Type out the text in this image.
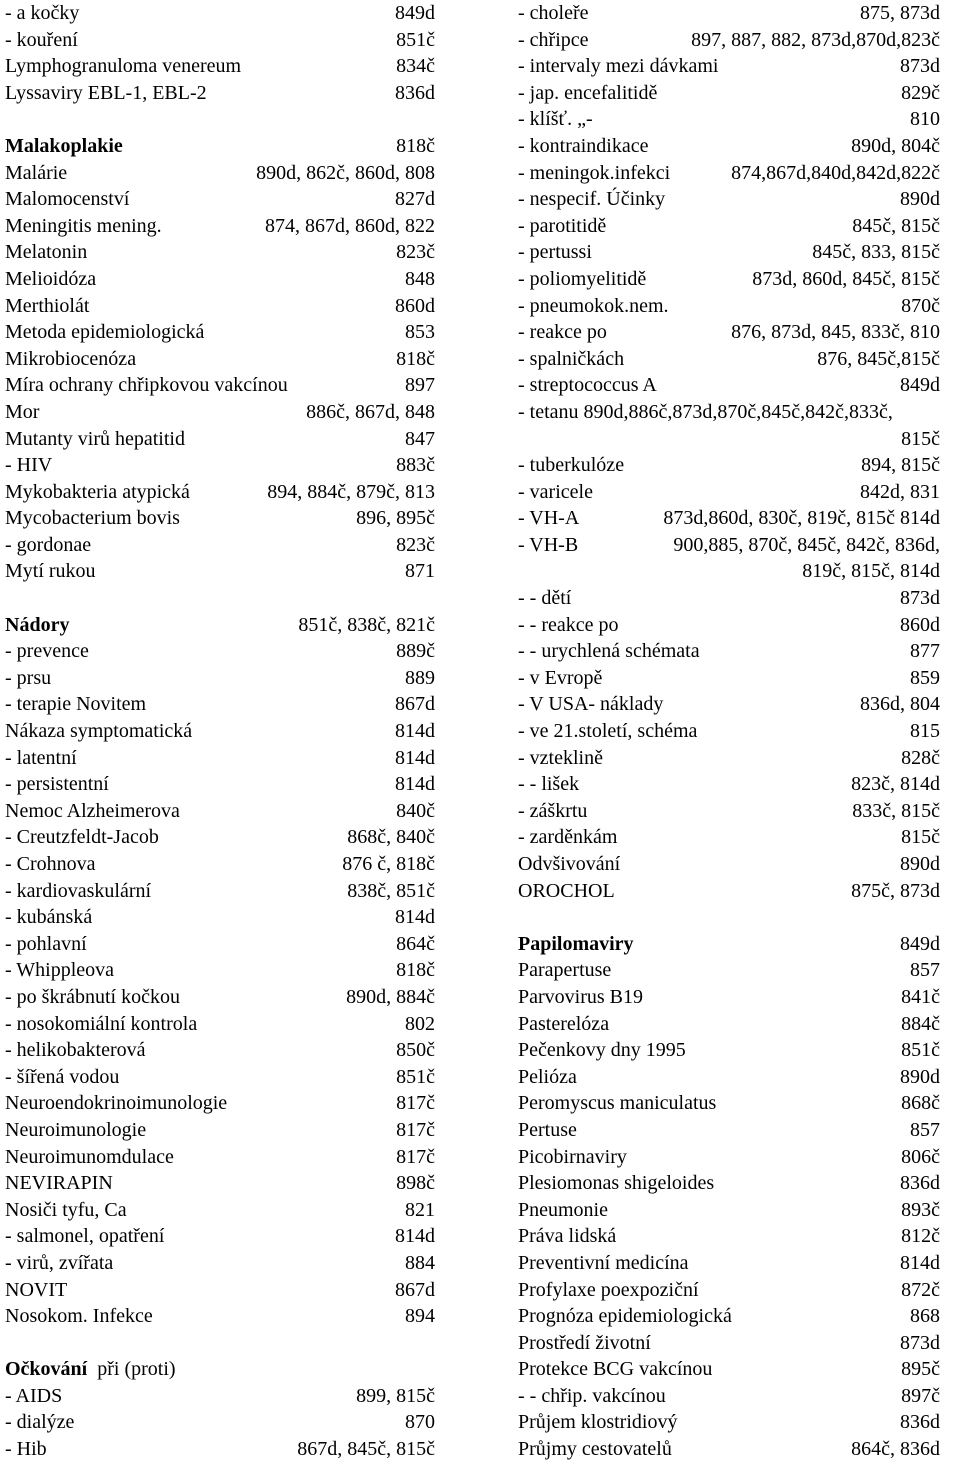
- a kočky	849d
- kouření	851č
Lymphogranuloma venereum	834č
Lyssaviry EBL-1, EBL-2	836d
Malakoplakie	818č
Malárie	890d, 862č, 860d, 808
Malomocenství	827d
Meningitis mening.	874, 867d, 860d, 822
Melatonin	823č
Melioidóza	848
Merthiolát	860d
Metoda epidemiologická	853
Mikrobiocenóza	818č
Míra ochrany chřipkovou vakcínou	897
Mor	886č, 867d, 848
Mutanty virů hepatitid	847
- HIV	883č
Mykobakteria atypická	894, 884č, 879č, 813
Mycobacterium bovis	896, 895č
- gordonae	823č
Mytí rukou	871
Nádory	851č, 838č, 821č
- prevence	889č
- prsu	889
- terapie Novitem	867d
Nákaza symptomatická	814d
- latentní	814d
- persistentní	814d
Nemoc Alzheimerova	840č
- Creutzfeldt-Jacob	868č, 840č
- Crohnova	876 č, 818č
- kardiovaskulární	838č, 851č
- kubánská	814d
- pohlavní	864č
- Whippleova	818č
- po škrábnutí kočkou	890d, 884č
- nosokomiální kontrola	802
- helikobakterová	850č
- šířená vodou	851č
Neuroendokrinoimunologie	817č
Neuroimunologie	817č
Neuroimunomdulace	817č
NEVIRAPIN	898č
Nosiči tyfu, Ca	821
- salmonel, opatření	814d
- virů, zvířata	884
NOVIT	867d
Nosokom. Infekce	894
Očkování  při (proti)
- AIDS	899, 815č
- dialýze	870
- Hib	867d, 845č, 815č
- choleře	875, 873d
- chřipce	897, 887, 882, 873d,870d,823č
- intervaly mezi dávkami	873d
- jap. encefalitidě	829č
- klíšť. „-	810
- kontraindikace	890d, 804č
- meningok.infekci	874,867d,840d,842d,822č
- nespecif. Účinky	890d
- parotitidě	845č, 815č
- pertussi	845č, 833, 815č
- poliomyelitidě	873d, 860d, 845č, 815č
- pneumokok.nem.	870č
- reakce po	876, 873d, 845, 833č, 810
- spalničkách	876, 845č,815č
- streptococcus A	849d
- tetanu 890d,886č,873d,870č,845č,842č,833č,
815č
- tuberkulóze	894, 815č
- varicele	842d, 831
- VH-A	873d,860d, 830č, 819č, 815č 814d
- VH-B	900,885, 870č, 845č, 842č, 836d,
819č, 815č, 814d
- - dětí	873d
- - reakce po	860d
- - urychlená schémata	877
- v Evropě	859
- V USA- náklady	836d, 804
- ve 21.století, schéma	815
- vzteklině	828č
- - lišek	823č, 814d
- záškrtu	833č, 815č
- zarděnkám	815č
Odvšivování	890d
OROCHOL	875č, 873d
Papilomaviry	849d
Parapertuse	857
Parvovirus B19	841č
Pasterelóza	884č
Pečenkovy dny 1995	851č
Pelióza	890d
Peromyscus maniculatus	868č
Pertuse	857
Picobirnaviry	806č
Plesiomonas shigeloides	836d
Pneumonie	893č
Práva lidská	812č
Preventivní medicína	814d
Profylaxe poexpoziční	872č
Prognóza epidemiologická	868
Prostředí životní	873d
Protekce BCG vakcínou	895č
- - chřip. vakcínou	897č
Průjem klostridiový	836d
Průjmy cestovatelů	864č, 836d
